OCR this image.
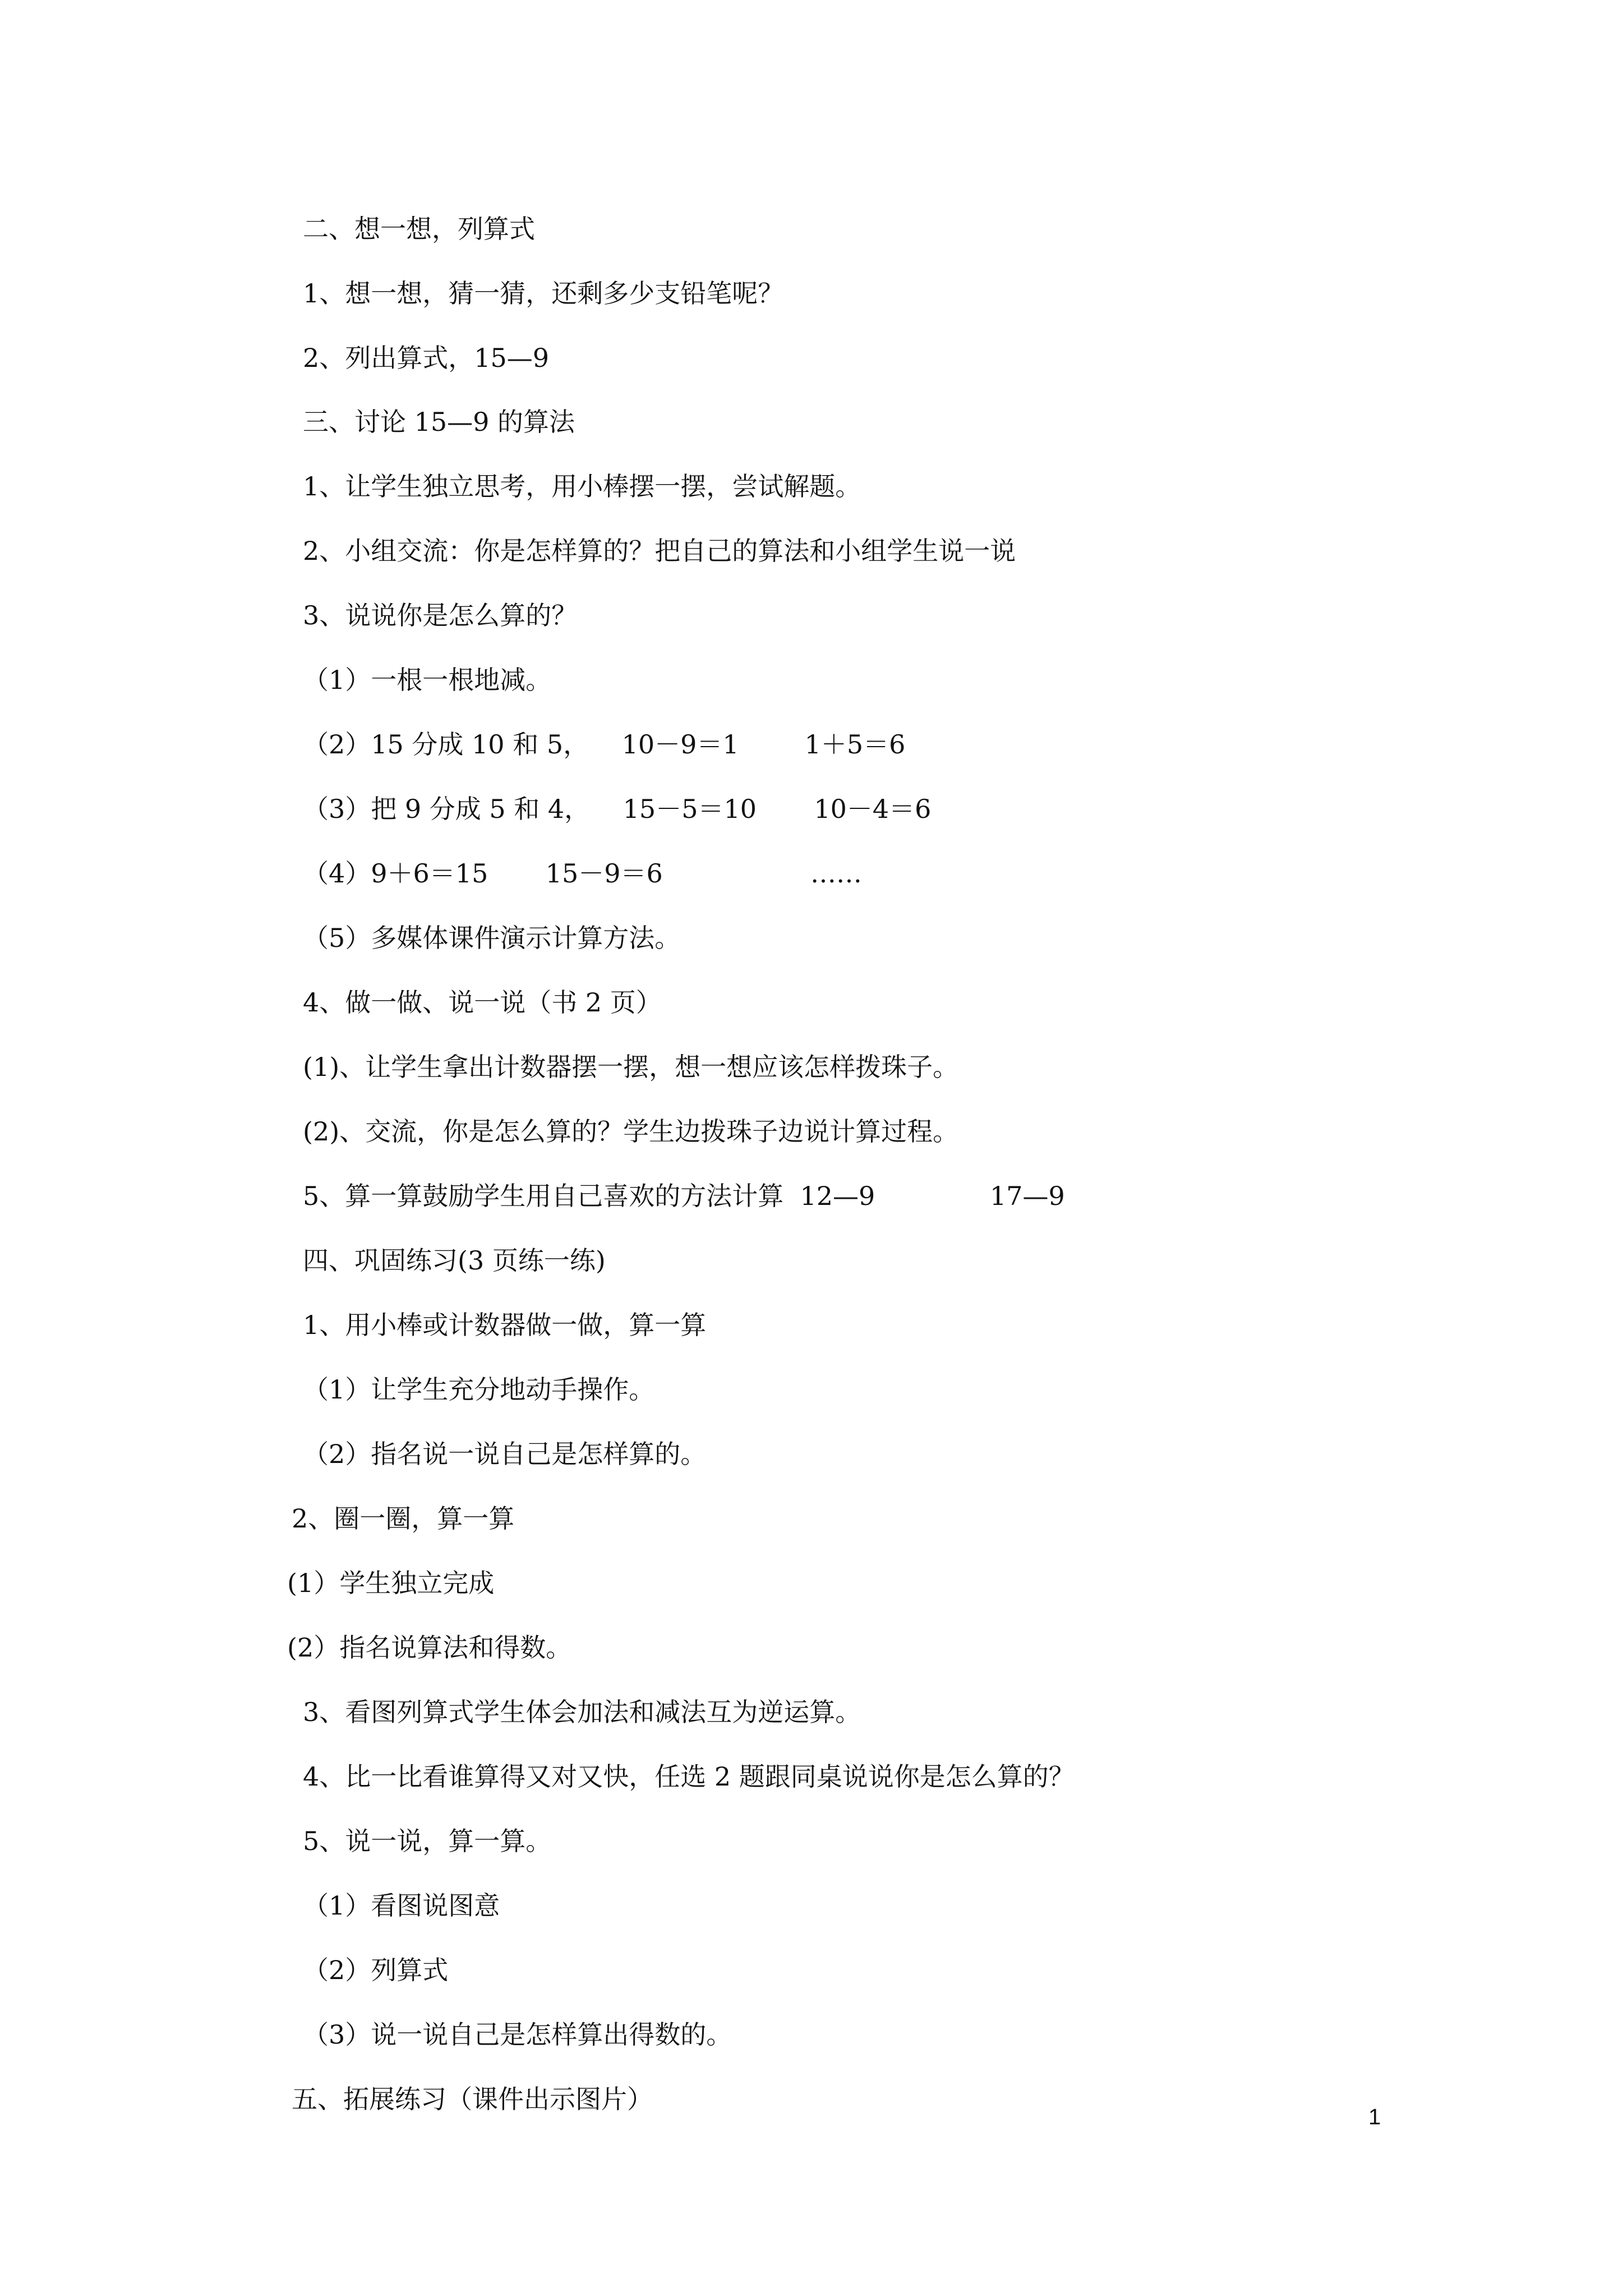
二、想一想，列算式
1、想一想，猜一猜，还剩多少支铅笔呢？
2、列出算式，15—9
三、讨论 15—9 的算法
1、让学生独立思考，用小棒摆一摆，尝试解题。
2、小组交流：你是怎样算的？把自己的算法和小组学生说一说
3、说说你是怎么算的？
（1）一根一根地减。
（2）15 分成 10 和 5，    10－9＝1        1＋5＝6
（3）把 9 分成 5 和 4，    15－5＝10       10－4＝6
（4）9＋6＝15       15－9＝6                  ……
（5）多媒体课件演示计算方法。
4、做一做、说一说（书 2 页）
(1)、让学生拿出计数器摆一摆，想一想应该怎样拨珠子。
(2)、交流，你是怎么算的？学生边拨珠子边说计算过程。
5、算一算鼓励学生用自己喜欢的方法计算  12—9              17—9
四、巩固练习(3 页练一练)
1、用小棒或计数器做一做，算一算
（1）让学生充分地动手操作。
（2）指名说一说自己是怎样算的。
2、圈一圈，算一算
(1）学生独立完成
(2）指名说算法和得数。
3、看图列算式学生体会加法和减法互为逆运算。
4、比一比看谁算得又对又快，任选 2 题跟同桌说说你是怎么算的？
5、说一说，算一算。
（1）看图说图意
（2）列算式
（3）说一说自己是怎样算出得数的。
五、拓展练习（课件出示图片）
1
